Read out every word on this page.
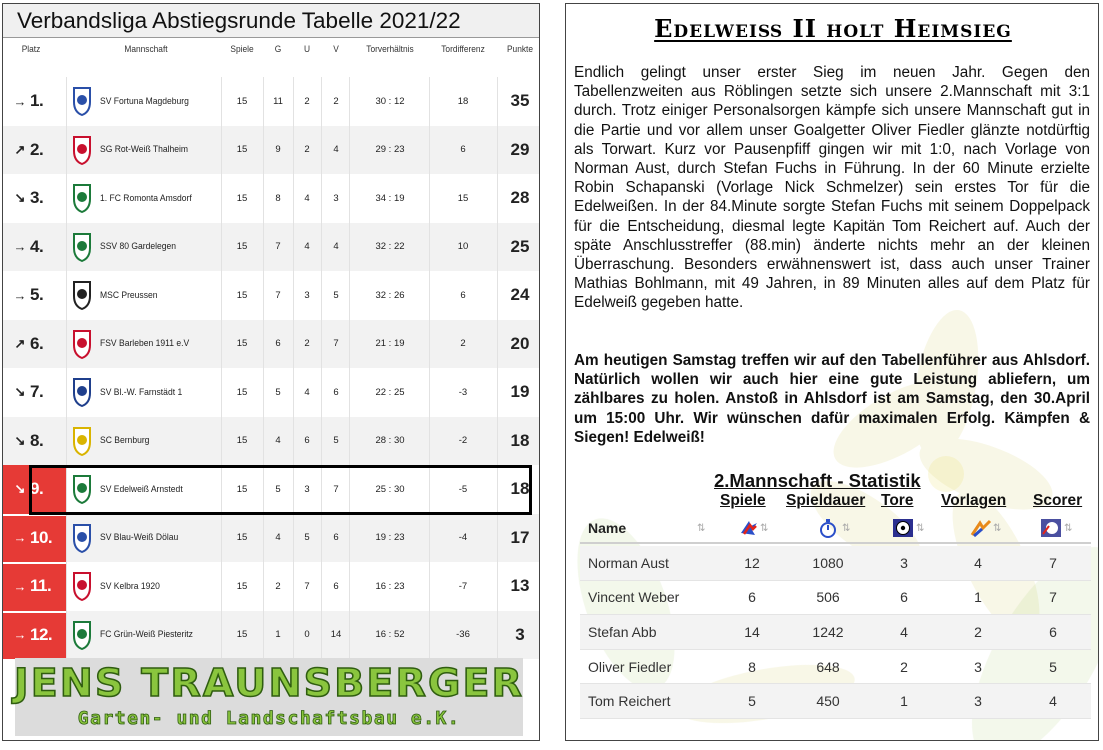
Verbandsliga Abstiegsrunde Tabelle 2021/22
Platz	Mannschaft	Spiele	G	U	V	Torverhältnis	Tordifferenz	Punkte
→ 1.	SV Fortuna Magdeburg	15	11	2	2	30 : 12	18	35
↗ 2.	SG Rot-Weiß Thalheim	15	9	2	4	29 : 23	6	29
↘ 3.	1. FC Romonta Amsdorf	15	8	4	3	34 : 19	15	28
→ 4.	SSV 80 Gardelegen	15	7	4	4	32 : 22	10	25
→ 5.	MSC Preussen	15	7	3	5	32 : 26	6	24
↗ 6.	FSV Barleben 1911 e.V	15	6	2	7	21 : 19	2	20
↘ 7.	SV Bl.-W. Farnstädt 1	15	5	4	6	22 : 25	-3	19
↘ 8.	SC Bernburg	15	4	6	5	28 : 30	-2	18
↘ 9.	SV Edelweiß Arnstedt	15	5	3	7	25 : 30	-5	18
→ 10.	SV Blau-Weiß Dölau	15	4	5	6	19 : 23	-4	17
→ 11.	SV Kelbra 1920	15	2	7	6	16 : 23	-7	13
→ 12.	FC Grün-Weiß Piesteritz	15	1	0	14	16 : 52	-36	3
JENS TRAUNSBERGER
Garten- und Landschaftsbau e.K.
Edelweiß II holt Heimsieg
Endlich gelingt unser erster Sieg im neuen Jahr. Gegen den Tabellenzweiten aus Röblingen setzte sich unsere 2.Mannschaft mit 3:1 durch. Trotz einiger Personalsorgen kämpfe sich unsere Mannschaft gut in die Partie und vor allem unser Goalgetter Oliver Fiedler glänzte notdürftig als Torwart. Kurz vor Pausenpfiff gingen wir mit 1:0, nach Vorlage von Norman Aust, durch Stefan Fuchs in Führung. In der 60 Minute erzielte Robin Schapanski (Vorlage Nick Schmelzer) sein erstes Tor für die Edelweißen. In der 84.Minute sorgte Stefan Fuchs mit seinem Doppelpack für die Entscheidung, diesmal legte Kapitän Tom Reichert auf. Auch der späte Anschlusstreffer (88.min) änderte nichts mehr an der kleinen Überraschung. Besonders erwähnenswert ist, dass auch unser Trainer Mathias Bohlmann, mit 49 Jahren, in 89 Minuten alles auf dem Platz für Edelweiß gegeben hatte.
Am heutigen Samstag treffen wir auf den Tabellenführer aus Ahlsdorf. Natürlich wollen wir auch hier eine gute Leistung abliefern, um zählbares zu holen. Anstoß in Ahlsdorf ist am Samstag, den 30.April um 15:00 Uhr. Wir wünschen dafür maximalen Erfolg. Kämpfen & Siegen! Edelweiß!
2.Mannschaft - Statistik
Spiele Spieldauer Tore Vorlagen Scorer
Name	⇅	⇅	⇅	⇅	⇅	⇅
Norman Aust	12	1080	3	4	7
Vincent Weber	6	506	6	1	7
Stefan Abb	14	1242	4	2	6
Oliver Fiedler	8	648	2	3	5
Tom Reichert	5	450	1	3	4
